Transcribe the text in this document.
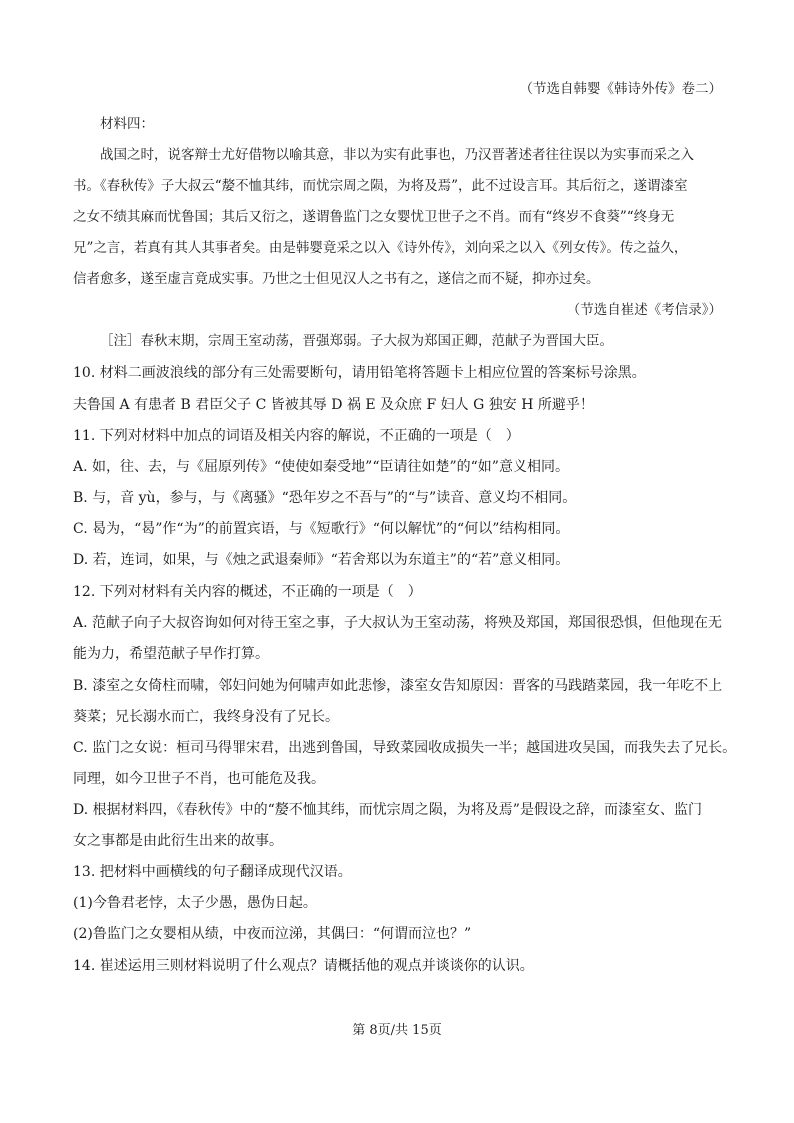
（节选自韩婴《韩诗外传》卷二）
材料四：
战国之时，说客辩士尤好借物以喻其意，非以为实有此事也，乃汉晋著述者往往误以为实事而采之入
书。《春秋传》子大叔云“嫠不恤其纬，而忧宗周之陨，为将及焉”，此不过设言耳。其后衍之，遂谓漆室
之女不绩其麻而忧鲁国；其后又衍之，遂谓鲁监门之女婴忧卫世子之不肖。而有“终岁不食葵”“终身无
兄”之言，若真有其人其事者矣。由是韩婴竟采之以入《诗外传》，刘向采之以入《列女传》。传之益久，
信者愈多，遂至虚言竟成实事。乃世之士但见汉人之书有之，遂信之而不疑，抑亦过矣。
（节选自崔述《考信录》）
［注］春秋末期，宗周王室动荡，晋强郑弱。子大叔为郑国正卿，范献子为晋国大臣。
10. 材料二画波浪线的部分有三处需要断句，请用铅笔将答题卡上相应位置的答案标号涂黑。
夫鲁国 A 有患者 B 君臣父子 C 皆被其辱 D 祸 E 及众庶 F 妇人 G 独安 H 所避乎！
11. 下列对材料中加点的词语及相关内容的解说，不正确的一项是（　）
A. 如，往、去，与《屈原列传》“使使如秦受地”“臣请往如楚”的“如”意义相同。
B. 与，音 yù，参与，与《离骚》“恐年岁之不吾与”的“与”读音、意义均不相同。
C. 曷为，“曷”作“为”的前置宾语，与《短歌行》“何以解忧”的“何以”结构相同。
D. 若，连词，如果，与《烛之武退秦师》“若舍郑以为东道主”的“若”意义相同。
12. 下列对材料有关内容的概述，不正确的一项是（　）
A. 范献子向子大叔咨询如何对待王室之事，子大叔认为王室动荡，将殃及郑国，郑国很恐惧，但他现在无
能为力，希望范献子早作打算。
B. 漆室之女倚柱而啸，邻妇问她为何啸声如此悲惨，漆室女告知原因：晋客的马践踏菜园，我一年吃不上
葵菜；兄长溺水而亡，我终身没有了兄长。
C. 监门之女说：桓司马得罪宋君，出逃到鲁国，导致菜园收成损失一半；越国进攻吴国，而我失去了兄长。
同理，如今卫世子不肖，也可能危及我。
D. 根据材料四，《春秋传》中的“嫠不恤其纬，而忧宗周之陨，为将及焉”是假设之辞，而漆室女、监门
女之事都是由此衍生出来的故事。
13. 把材料中画横线的句子翻译成现代汉语。
(1)今鲁君老悖，太子少愚，愚伪日起。
(2)鲁监门之女婴相从绩，中夜而泣涕，其偶曰：“何谓而泣也？”
14. 崔述运用三则材料说明了什么观点？请概括他的观点并谈谈你的认识。
第 8页/共 15页
